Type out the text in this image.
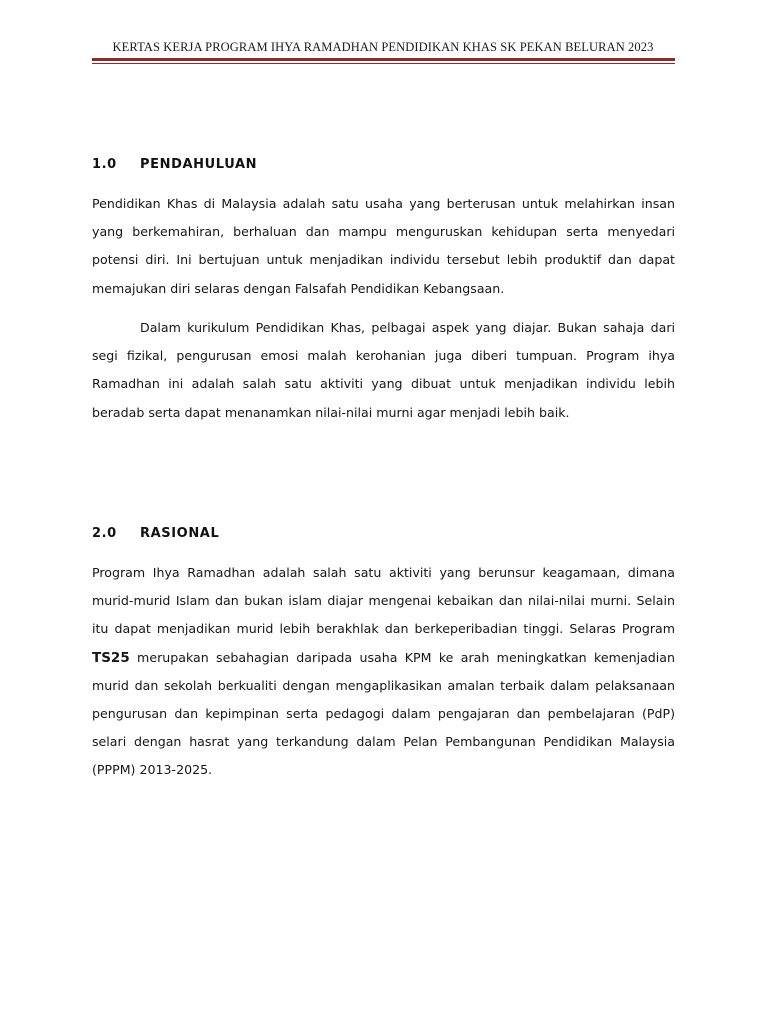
KERTAS KERJA PROGRAM IHYA RAMADHAN PENDIDIKAN KHAS SK PEKAN BELURAN 2023
1.0	PENDAHULUAN

Pendidikan Khas di Malaysia adalah satu usaha yang berterusan untuk melahirkan insan yang berkemahiran, berhaluan dan mampu menguruskan kehidupan serta menyedari potensi diri. Ini bertujuan untuk menjadikan individu tersebut lebih produktif dan dapat memajukan diri selaras dengan Falsafah Pendidikan Kebangsaan.

Dalam kurikulum Pendidikan Khas, pelbagai aspek yang diajar. Bukan sahaja dari segi fizikal, pengurusan emosi malah kerohanian juga diberi tumpuan. Program ihya Ramadhan ini adalah salah satu aktiviti yang dibuat untuk menjadikan individu lebih beradab serta dapat menanamkan nilai-nilai murni agar menjadi lebih baik.

2.0	RASIONAL

Program Ihya Ramadhan adalah salah satu aktiviti yang berunsur keagamaan, dimana murid-murid Islam dan bukan islam diajar mengenai kebaikan dan nilai-nilai murni. Selain itu dapat menjadikan murid lebih berakhlak dan berkeperibadian tinggi. Selaras Program TS25 merupakan sebahagian daripada usaha KPM ke arah meningkatkan kemenjadian murid dan sekolah berkualiti dengan mengaplikasikan amalan terbaik dalam pelaksanaan pengurusan dan kepimpinan serta pedagogi dalam pengajaran dan pembelajaran (PdP) selari dengan hasrat yang terkandung dalam Pelan Pembangunan Pendidikan Malaysia (PPPM) 2013-2025.
